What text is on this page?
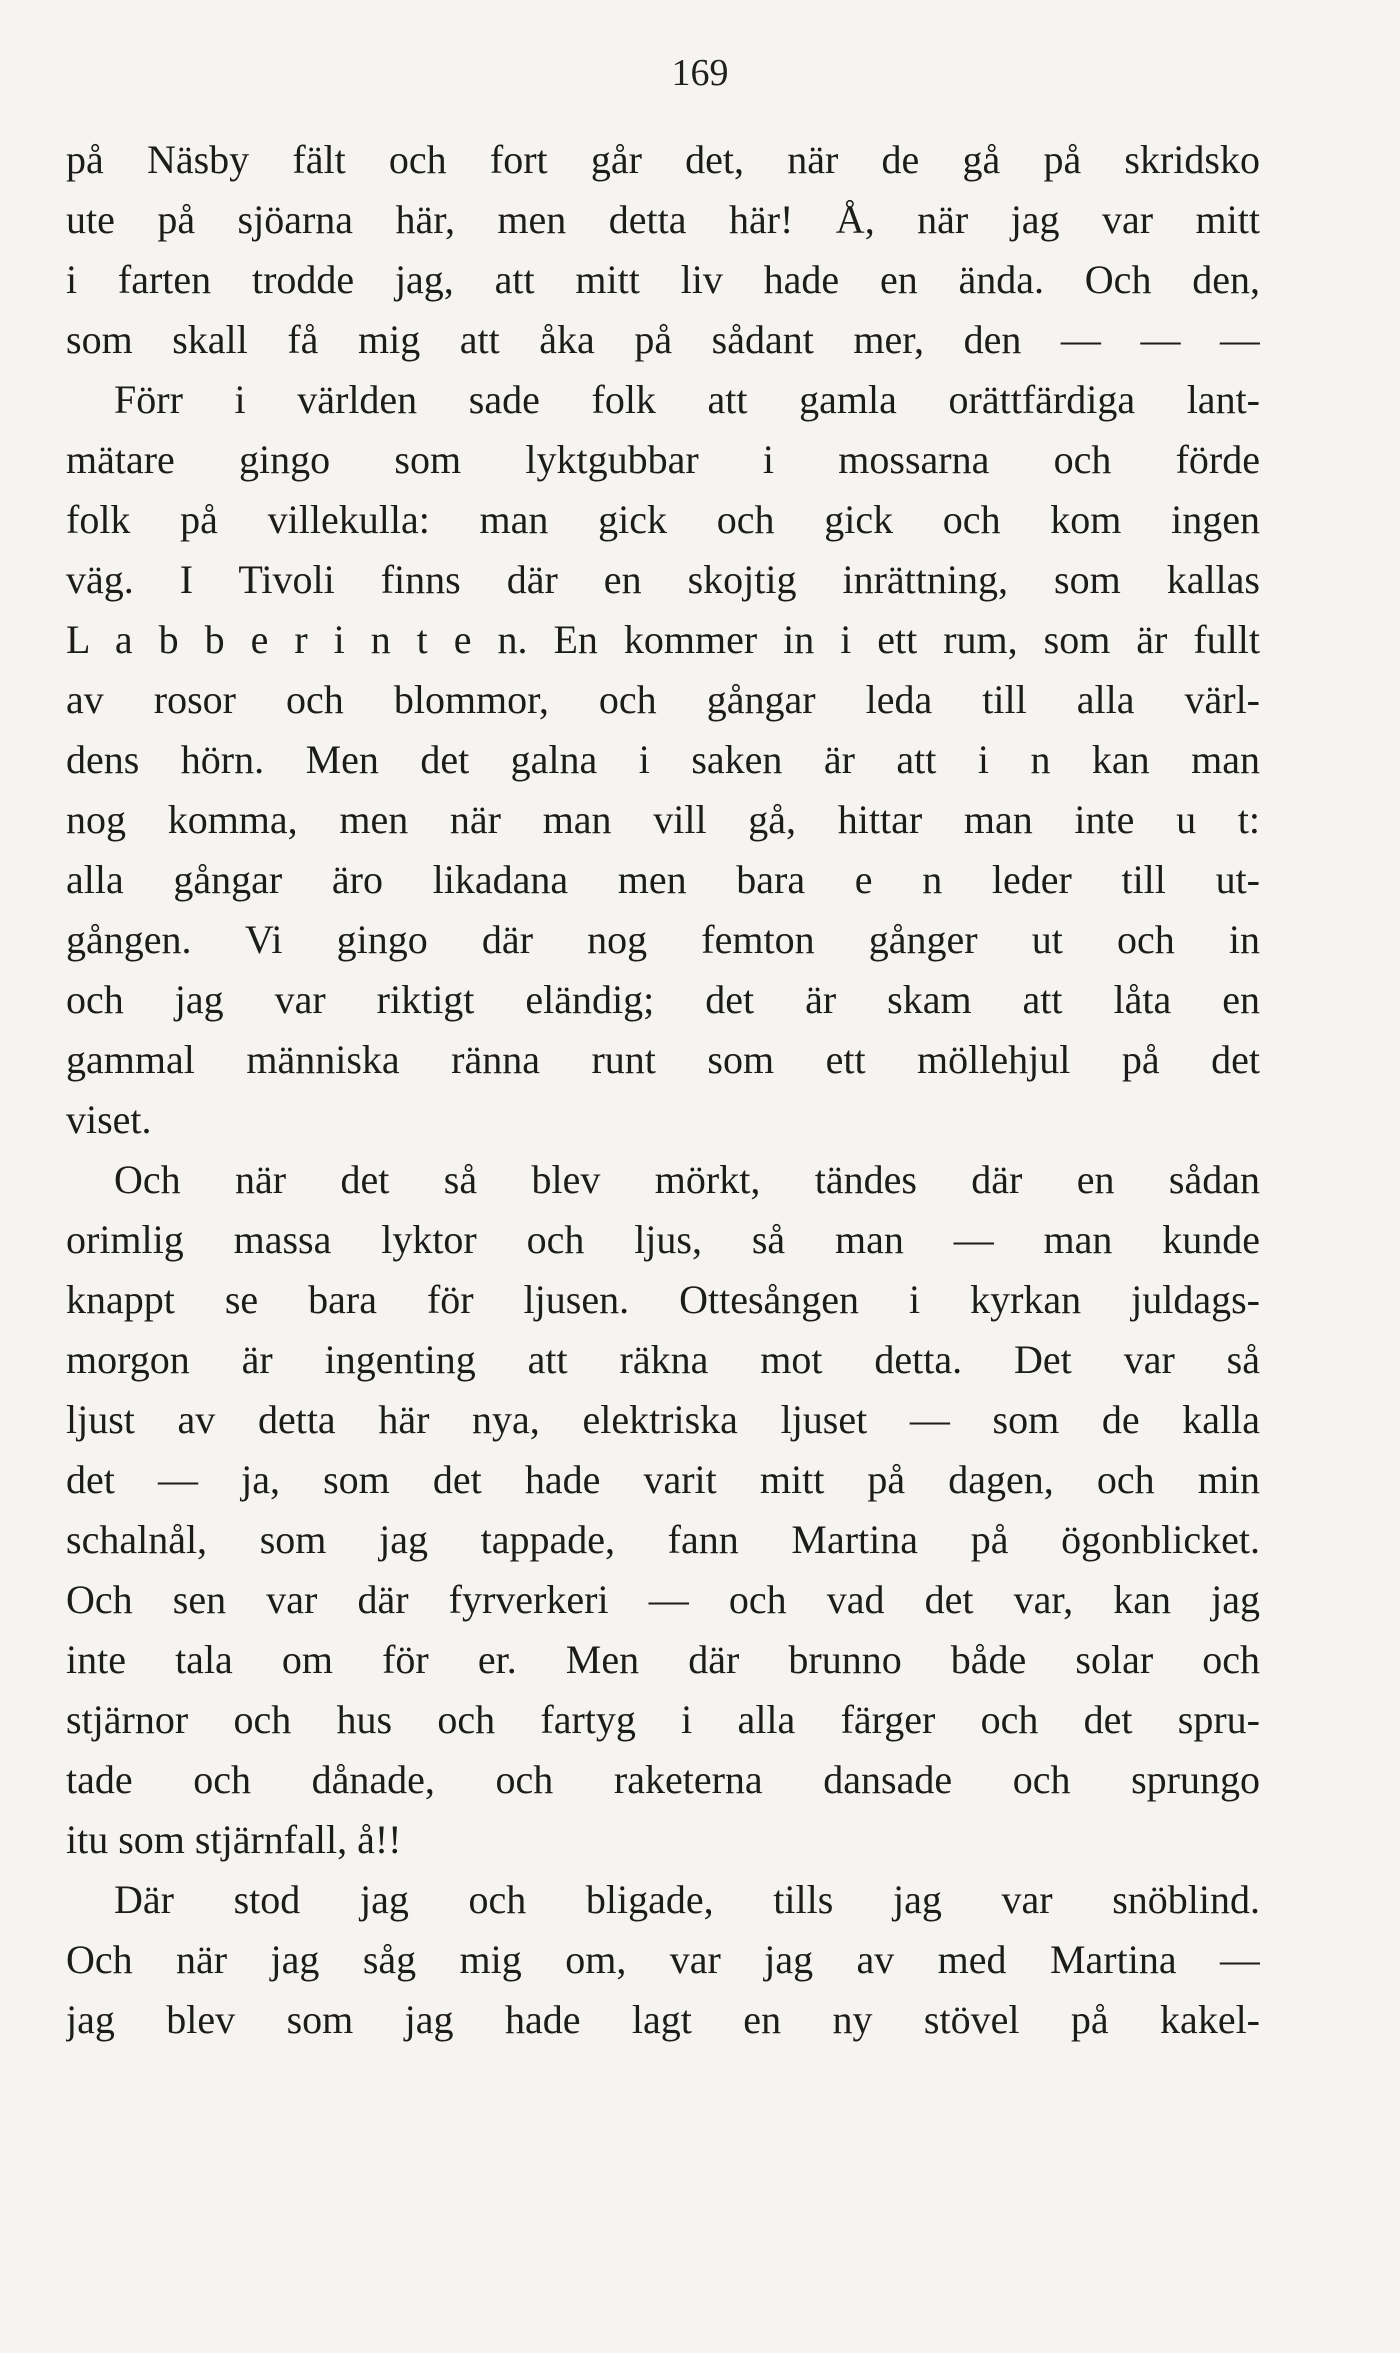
169
på Näsby fält och fort går det, när de gå på skridsko
ute på sjöarna här, men detta här! Å, när jag var mitt
i farten trodde jag, att mitt liv hade en ända. Och den,
som skall få mig att åka på sådant mer, den — — —
Förr i världen sade folk att gamla orättfärdiga lant-
mätare gingo som lyktgubbar i mossarna och förde
folk på villekulla: man gick och gick och kom ingen
väg. I Tivoli finns där en skojtig inrättning, som kallas
L a b b e r i n t e n. En kommer in i ett rum, som är fullt
av rosor och blommor, och gångar leda till alla värl-
dens hörn. Men det galna i saken är att i n kan man
nog komma, men när man vill gå, hittar man inte u t:
alla gångar äro likadana men bara e n leder till ut-
gången. Vi gingo där nog femton gånger ut och in
och jag var riktigt eländig; det är skam att låta en
gammal människa ränna runt som ett möllehjul på det
viset.
Och när det så blev mörkt, tändes där en sådan
orimlig massa lyktor och ljus, så man — man kunde
knappt se bara för ljusen. Ottesången i kyrkan juldags-
morgon är ingenting att räkna mot detta. Det var så
ljust av detta här nya, elektriska ljuset — som de kalla
det — ja, som det hade varit mitt på dagen, och min
schalnål, som jag tappade, fann Martina på ögonblicket.
Och sen var där fyrverkeri — och vad det var, kan jag
inte tala om för er. Men där brunno både solar och
stjärnor och hus och fartyg i alla färger och det spru-
tade och dånade, och raketerna dansade och sprungo
itu som stjärnfall, å!!
Där stod jag och bligade, tills jag var snöblind.
Och när jag såg mig om, var jag av med Martina —
jag blev som jag hade lagt en ny stövel på kakel-
